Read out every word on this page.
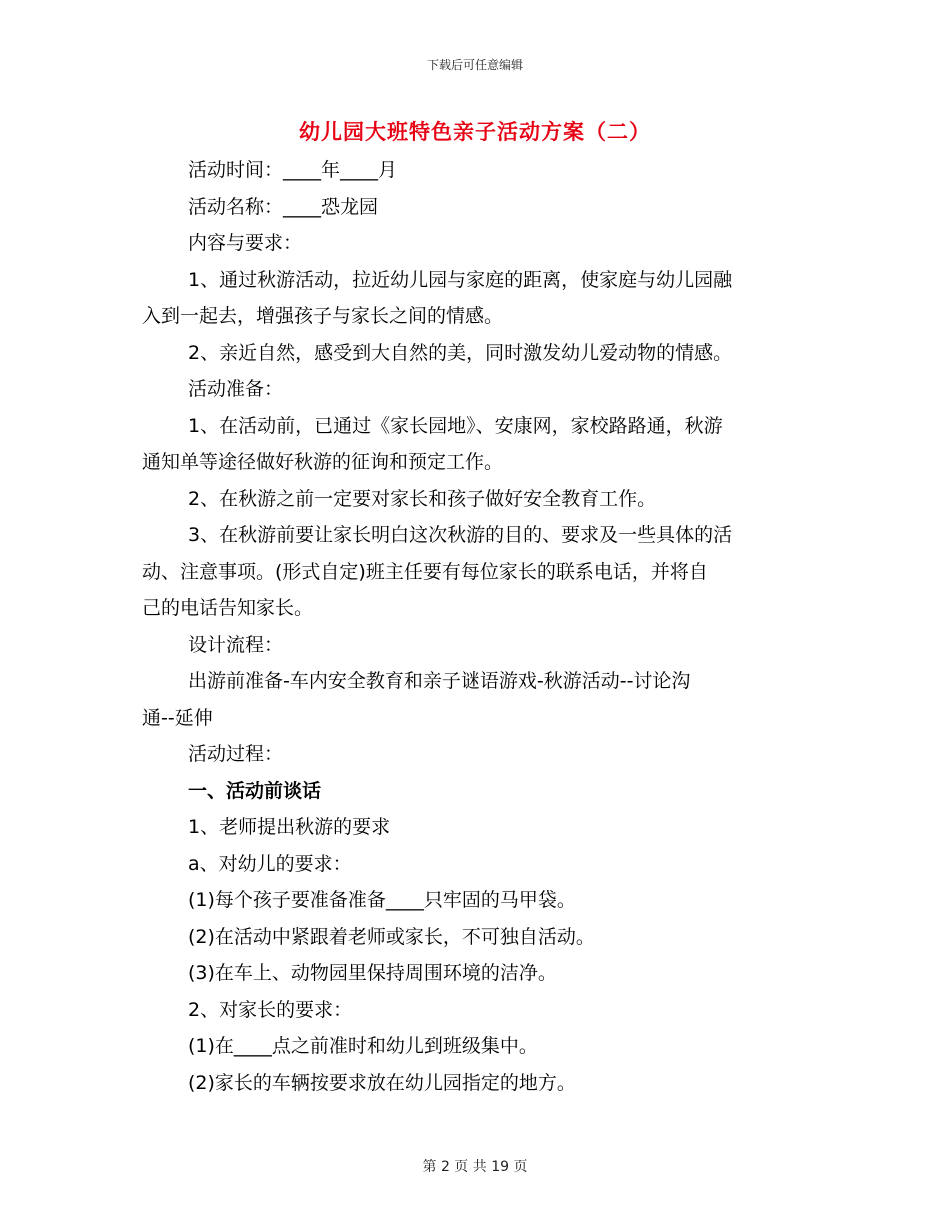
下载后可任意编辑
幼儿园大班特色亲子活动方案（二）
活动时间：____年____月
活动名称：____恐龙园
内容与要求：
1、通过秋游活动，拉近幼儿园与家庭的距离，使家庭与幼儿园融
入到一起去，增强孩子与家长之间的情感。
2、亲近自然，感受到大自然的美，同时激发幼儿爱动物的情感。
活动准备：
1、在活动前，已通过《家长园地》、安康网，家校路路通，秋游
通知单等途径做好秋游的征询和预定工作。
2、在秋游之前一定要对家长和孩子做好安全教育工作。
3、在秋游前要让家长明白这次秋游的目的、要求及一些具体的活
动、注意事项。(形式自定)班主任要有每位家长的联系电话，并将自
己的电话告知家长。
设计流程：
出游前准备-车内安全教育和亲子谜语游戏-秋游活动--讨论沟
通--延伸
活动过程：
一、活动前谈话
1、老师提出秋游的要求
a、对幼儿的要求：
(1)每个孩子要准备准备____只牢固的马甲袋。
(2)在活动中紧跟着老师或家长，不可独自活动。
(3)在车上、动物园里保持周围环境的洁净。
2、对家长的要求：
(1)在____点之前准时和幼儿到班级集中。
(2)家长的车辆按要求放在幼儿园指定的地方。
第 2 页 共 19 页
